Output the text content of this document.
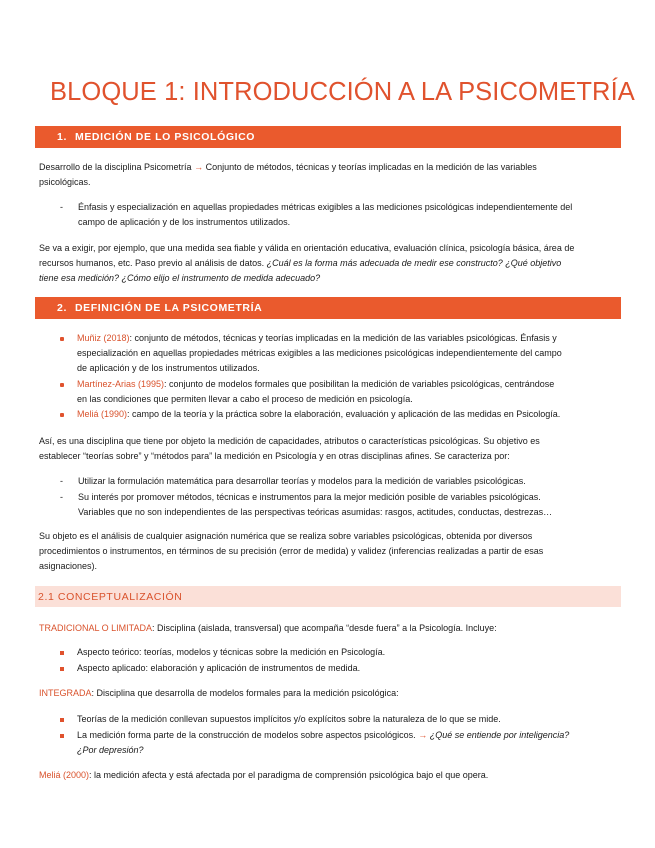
BLOQUE 1: INTRODUCCIÓN A LA PSICOMETRÍA
1. MEDICIÓN DE LO PSICOLÓGICO
Desarrollo de la disciplina Psicometría → Conjunto de métodos, técnicas y teorías implicadas en la medición de las variables
psicológicas.
-	Énfasis y especialización en aquellas propiedades métricas exigibles a las mediciones psicológicas independientemente del
campo de aplicación y de los instrumentos utilizados.
Se va a exigir, por ejemplo, que una medida sea fiable y válida en orientación educativa, evaluación clínica, psicología básica, área de
recursos humanos, etc. Paso previo al análisis de datos. ¿Cuál es la forma más adecuada de medir ese constructo? ¿Qué objetivo
tiene esa medición? ¿Cómo elijo el instrumento de medida adecuado?
2. DEFINICIÓN DE LA PSICOMETRÍA
Muñiz (2018): conjunto de métodos, técnicas y teorías implicadas en la medición de las variables psicológicas. Énfasis y
especialización en aquellas propiedades métricas exigibles a las mediciones psicológicas independientemente del campo
de aplicación y de los instrumentos utilizados.
Martínez-Arias (1995): conjunto de modelos formales que posibilitan la medición de variables psicológicas, centrándose
en las condiciones que permiten llevar a cabo el proceso de medición en psicología.
Meliá (1990): campo de la teoría y la práctica sobre la elaboración, evaluación y aplicación de las medidas en Psicología.
Así, es una disciplina que tiene por objeto la medición de capacidades, atributos o características psicológicas. Su objetivo es
establecer “teorías sobre” y “métodos para” la medición en Psicología y en otras disciplinas afines. Se caracteriza por:
-	Utilizar la formulación matemática para desarrollar teorías y modelos para la medición de variables psicológicas.
-	Su interés por promover métodos, técnicas e instrumentos para la mejor medición posible de variables psicológicas.
Variables que no son independientes de las perspectivas teóricas asumidas: rasgos, actitudes, conductas, destrezas…
Su objeto es el análisis de cualquier asignación numérica que se realiza sobre variables psicológicas, obtenida por diversos
procedimientos o instrumentos, en términos de su precisión (error de medida) y validez (inferencias realizadas a partir de esas
asignaciones).
2.1 CONCEPTUALIZACIÓN
TRADICIONAL O LIMITADA: Disciplina (aislada, transversal) que acompaña “desde fuera” a la Psicología. Incluye:
Aspecto teórico: teorías, modelos y técnicas sobre la medición en Psicología.
Aspecto aplicado: elaboración y aplicación de instrumentos de medida.
INTEGRADA: Disciplina que desarrolla de modelos formales para la medición psicológica:
Teorías de la medición conllevan supuestos implícitos y/o explícitos sobre la naturaleza de lo que se mide.
La medición forma parte de la construcción de modelos sobre aspectos psicológicos. → ¿Qué se entiende por inteligencia?
¿Por depresión?
Meliá (2000): la medición afecta y está afectada por el paradigma de comprensión psicológica bajo el que opera.
